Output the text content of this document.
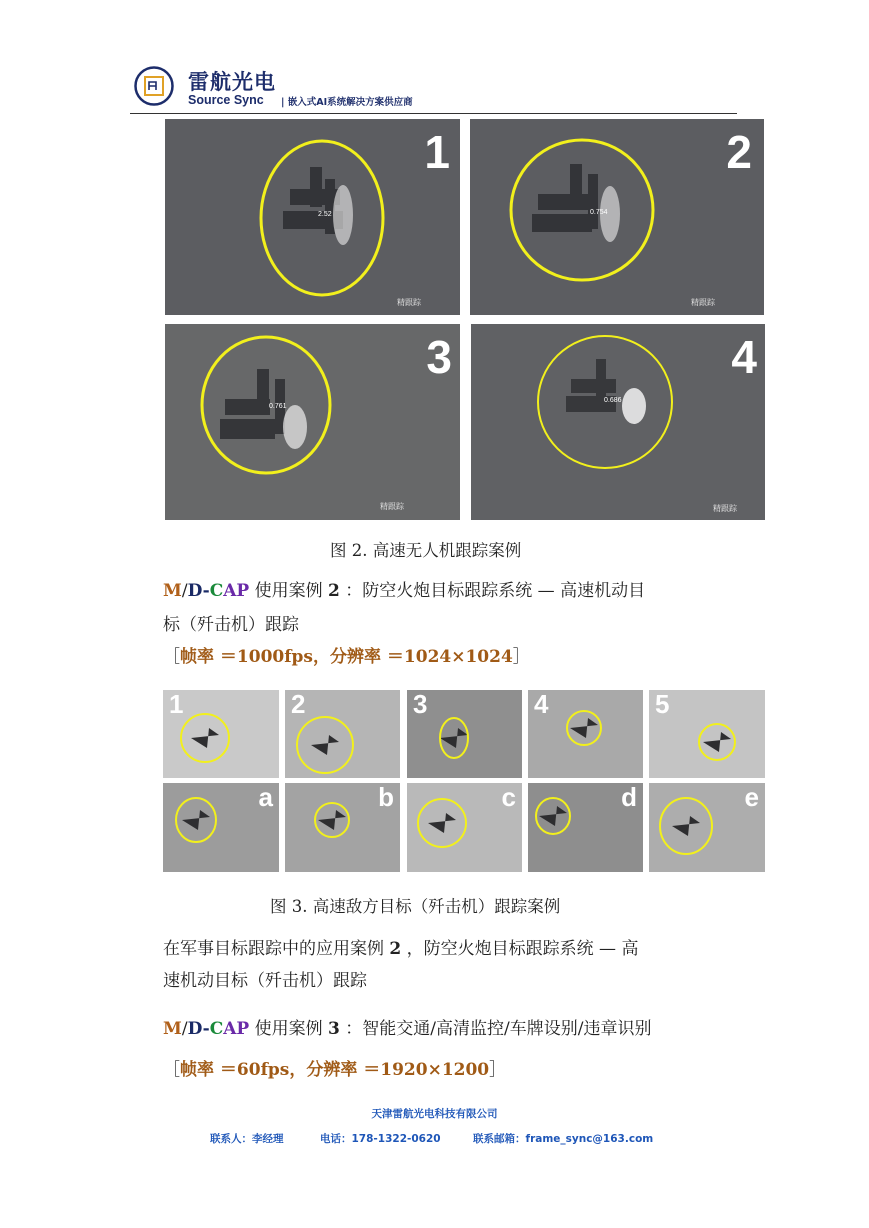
雷航光电
Source Sync | 嵌入式AI系统解决方案供应商
1
2.52
精跟踪
2
0.754
精跟踪
3
0.761
精跟踪
4
0.686
精跟踪
图 2. 高速无人机跟踪案例
M/D-CAP 使用案例 2 ：防空火炮目标跟踪系统 — 高速机动目
标（歼击机）跟踪
［帧率 ＝1000fps，分辨率 ＝1024×1024］
1	2	3	4	5
a	b	c	d	e
图 3. 高速敌方目标（歼击机）跟踪案例
在军事目标跟踪中的应用案例 2 ，防空火炮目标跟踪系统 — 高
速机动目标（歼击机）跟踪
M/D-CAP 使用案例 3 ：智能交通/高清监控/车牌设别/违章识别
［帧率 ＝60fps，分辨率 ＝1920×1200］
天津雷航光电科技有限公司
联系人：李经理	电话：178-1322-0620	联系邮箱：frame_sync@163.com
